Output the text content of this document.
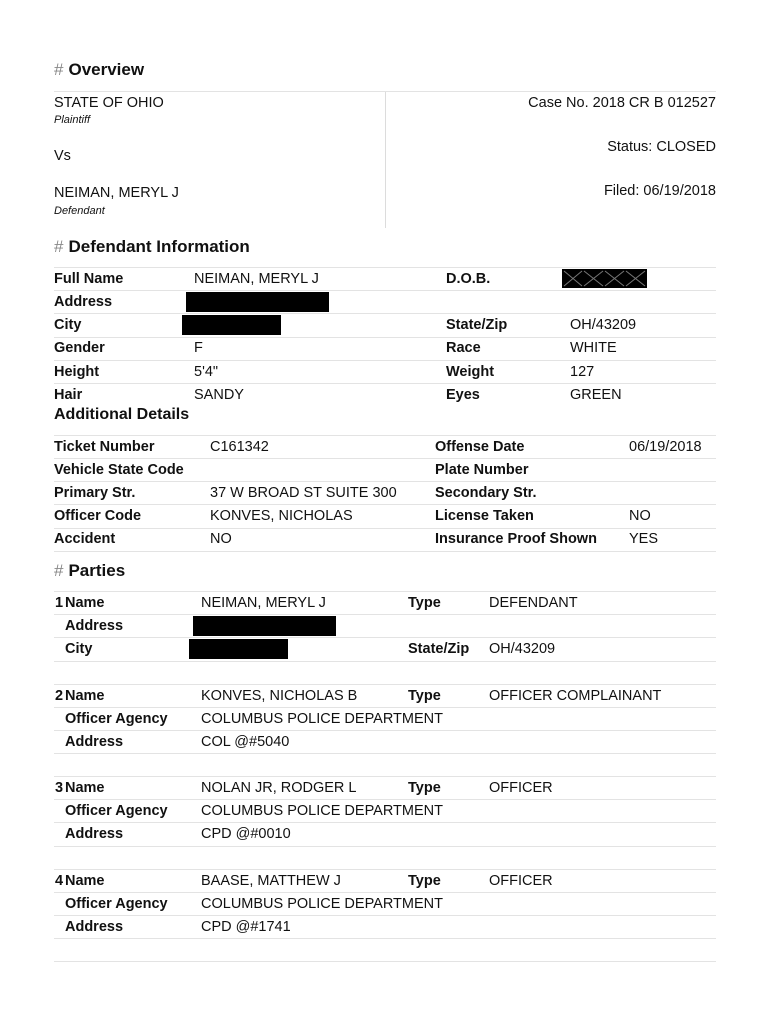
# Overview
STATE OF OHIO
Plaintiff
Vs
NEIMAN, MERYL J
Defendant
Case No. 2018 CR B 012527
Status: CLOSED
Filed: 06/19/2018
# Defendant Information
Full Name	NEIMAN, MERYL J	D.O.B.
Address
City	State/Zip	OH/43209
Gender	F	Race	WHITE
Height	5'4"	Weight	127
Hair	SANDY	Eyes	GREEN
Additional Details
Ticket Number	C161342	Offense Date	06/19/2018
Vehicle State Code	Plate Number
Primary Str.	37 W BROAD ST SUITE 300	Secondary Str.
Officer Code	KONVES, NICHOLAS	License Taken	NO
Accident	NO	Insurance Proof Shown YES
# Parties
1 Name	NEIMAN, MERYL J	Type	DEFENDANT
Address
City	State/Zip OH/43209
2 Name	KONVES, NICHOLAS B	Type	OFFICER COMPLAINANT
Officer Agency COLUMBUS POLICE DEPARTMENT
Address	COL @#5040
3 Name	NOLAN JR, RODGER L	Type	OFFICER
Officer Agency COLUMBUS POLICE DEPARTMENT
Address	CPD @#0010
4 Name	BAASE, MATTHEW J	Type	OFFICER
Officer Agency COLUMBUS POLICE DEPARTMENT
Address	CPD @#1741
